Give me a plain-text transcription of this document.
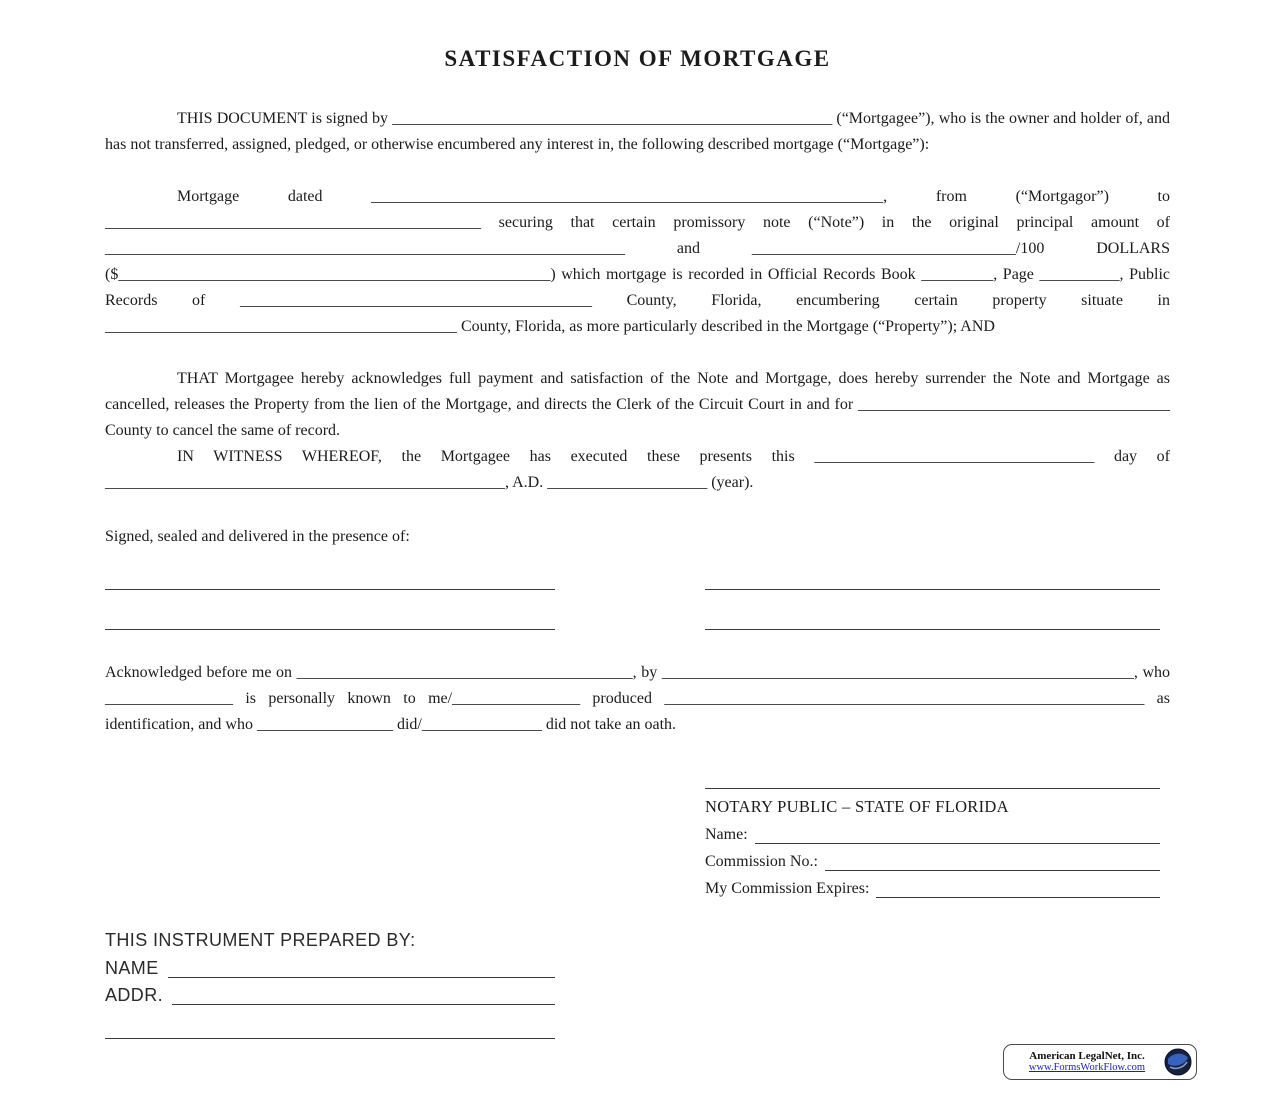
SATISFACTION OF MORTGAGE

THIS DOCUMENT is signed by _______________________________________________________ (“Mortgagee”), who is the owner and holder of, and has not transferred, assigned, pledged, or otherwise encumbered any interest in, the following described mortgage (“Mortgage”):

Mortgage dated ________________________________________________________________, from (“Mortgagor”) to _______________________________________________ securing that certain promissory note (“Note”) in the original principal amount of _________________________________________________________________ and _________________________________/100 DOLLARS ($______________________________________________________) which mortgage is recorded in Official Records Book _________, Page __________, Public Records of ____________________________________________ County, Florida, encumbering certain property situate in ____________________________________________ County, Florida, as more particularly described in the Mortgage (“Property”); AND

THAT Mortgagee hereby acknowledges full payment and satisfaction of the Note and Mortgage, does hereby surrender the Note and Mortgage as cancelled, releases the Property from the lien of the Mortgage, and directs the Clerk of the Circuit Court in and for _______________________________________ County to cancel the same of record.

IN WITNESS WHEREOF, the Mortgagee has executed these presents this ___________________________________ day of __________________________________________________, A.D. ____________________ (year).

Signed, sealed and delivered in the presence of:

Acknowledged before me on __________________________________________, by ___________________________________________________________, who ________________ is personally known to me/________________ produced ____________________________________________________________ as identification, and who _________________ did/_______________ did not take an oath.

NOTARY PUBLIC – STATE OF FLORIDA
Name:
Commission No.:
My Commission Expires:
THIS INSTRUMENT PREPARED BY:
NAME
ADDR.
American LegalNet, Inc.
www.FormsWorkFlow.com
